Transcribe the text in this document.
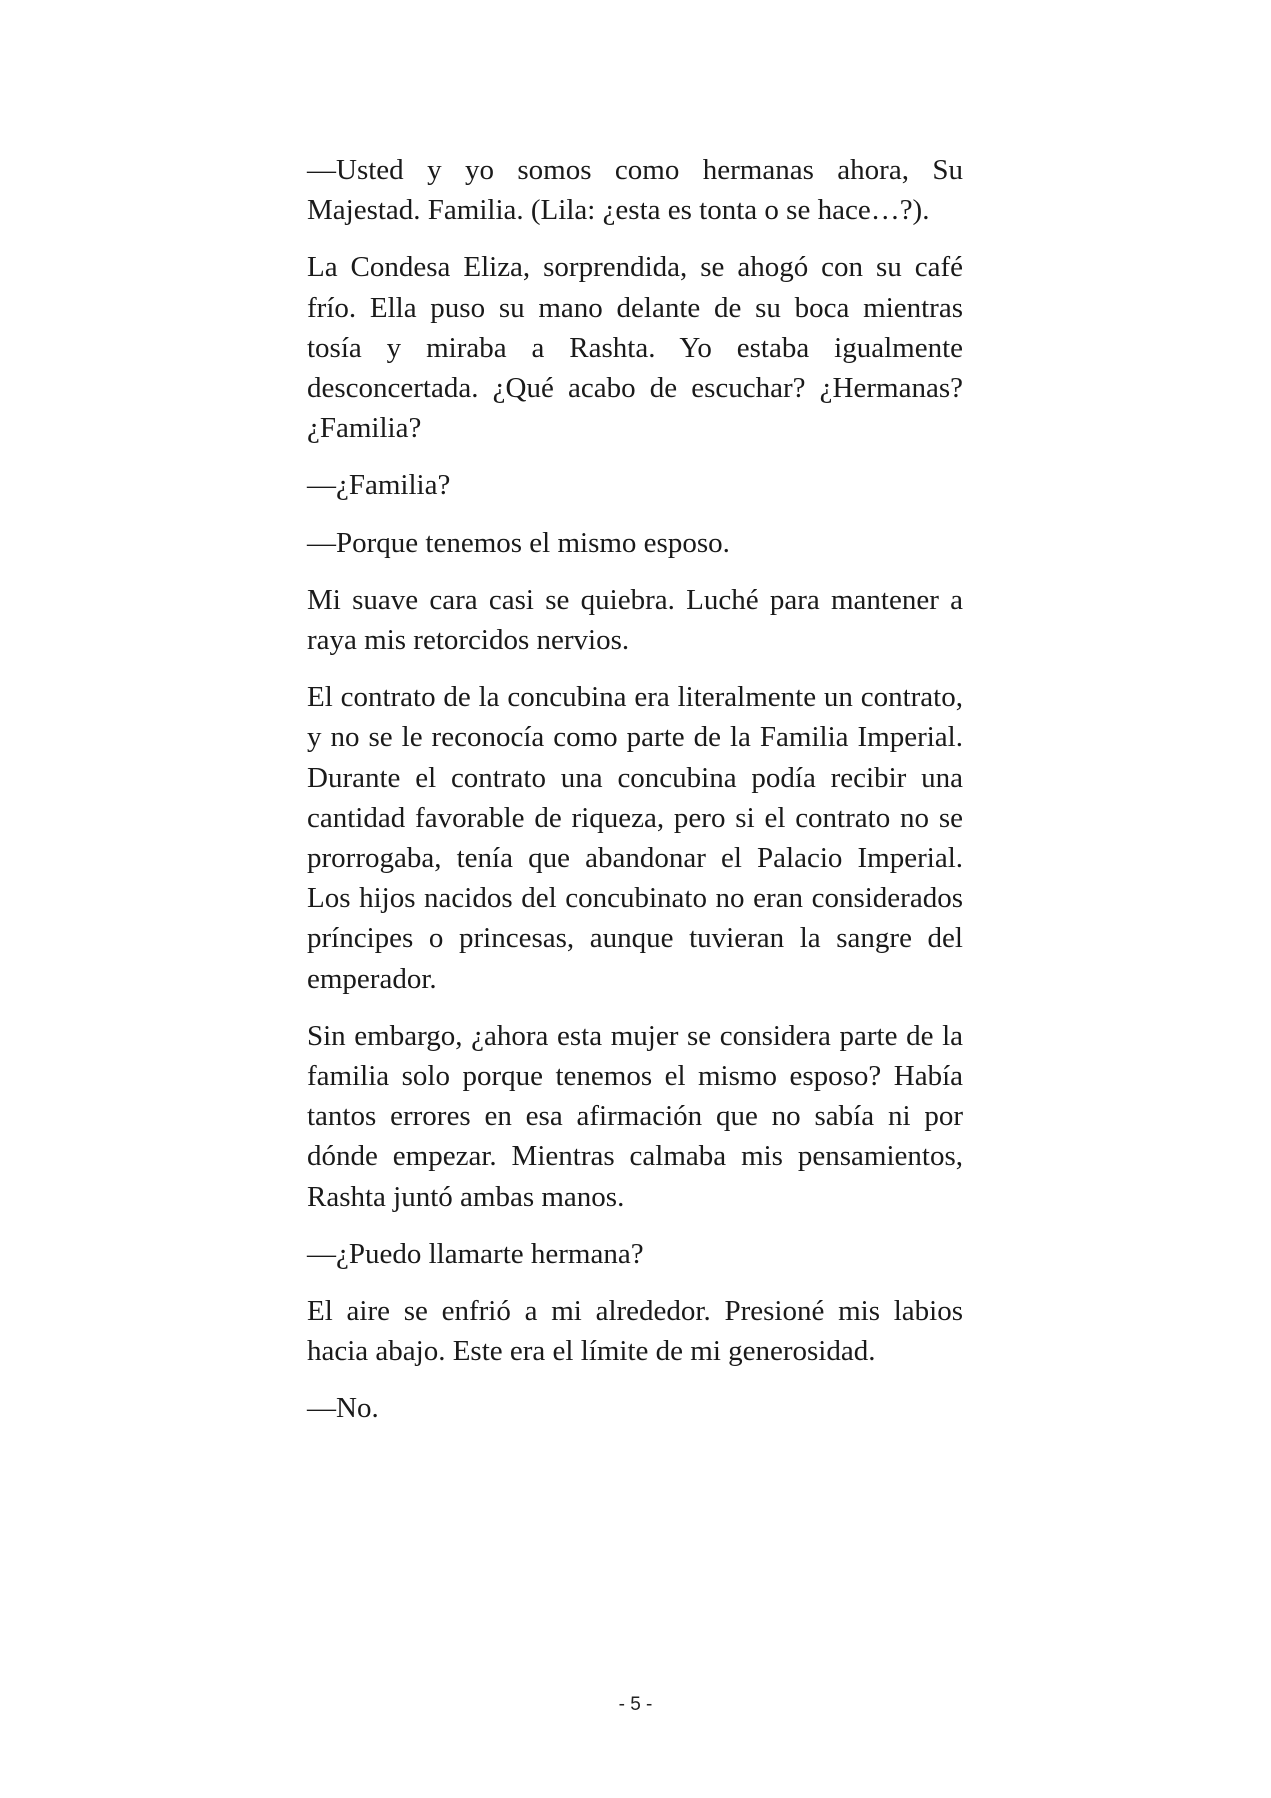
—Usted y yo somos como hermanas ahora, Su Majestad. Familia. (Lila: ¿esta es tonta o se hace…?).

La Condesa Eliza, sorprendida, se ahogó con su café frío. Ella puso su mano delante de su boca mientras tosía y miraba a Rashta. Yo estaba igualmente desconcertada. ¿Qué acabo de escuchar? ¿Hermanas? ¿Familia?

—¿Familia?

—Porque tenemos el mismo esposo.

Mi suave cara casi se quiebra. Luché para mantener a raya mis retorcidos nervios.

El contrato de la concubina era literalmente un contrato, y no se le reconocía como parte de la Familia Imperial. Durante el contrato una concubina podía recibir una cantidad favorable de riqueza, pero si el contrato no se prorrogaba, tenía que abandonar el Palacio Imperial. Los hijos nacidos del concubinato no eran considerados príncipes o princesas, aunque tuvieran la sangre del emperador.

Sin embargo, ¿ahora esta mujer se considera parte de la familia solo porque tenemos el mismo esposo? Había tantos errores en esa afirmación que no sabía ni por dónde empezar. Mientras calmaba mis pensamientos, Rashta juntó ambas manos.

—¿Puedo llamarte hermana?

El aire se enfrió a mi alrededor. Presioné mis labios hacia abajo. Este era el límite de mi generosidad.

—No.

- 5 -
